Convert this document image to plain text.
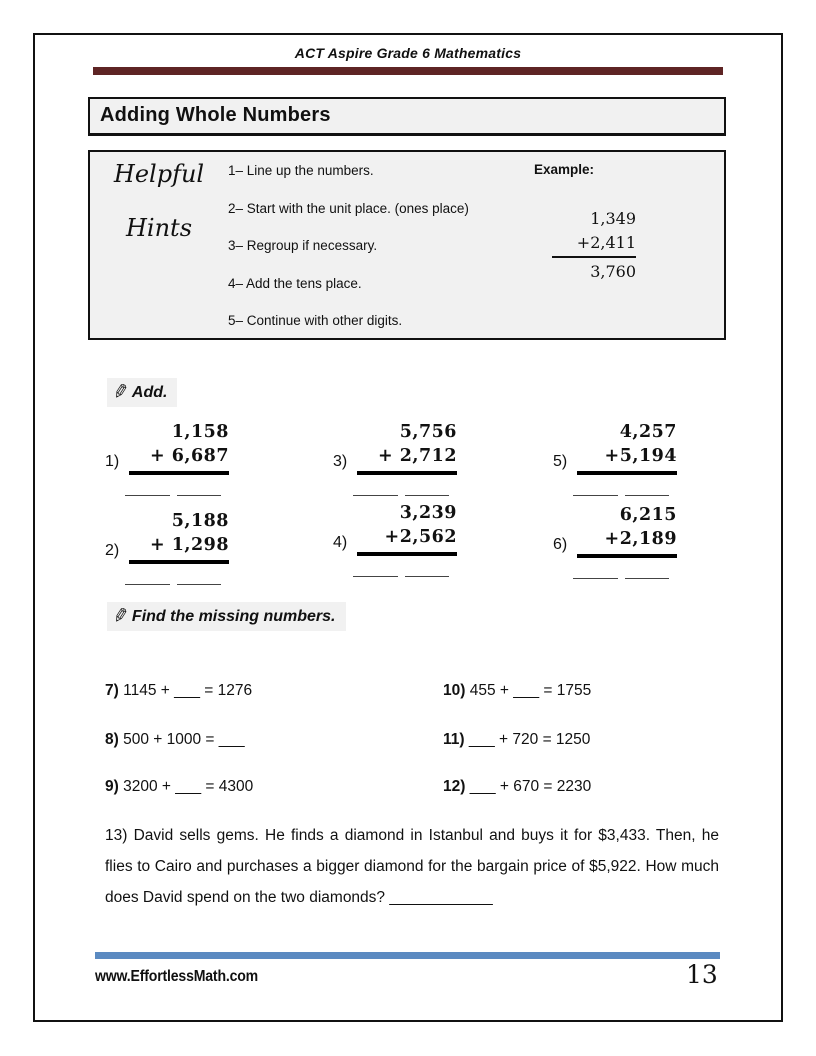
ACT Aspire Grade 6 Mathematics
Adding Whole Numbers
Helpful
Hints
1– Line up the numbers.
2– Start with the unit place. (ones place)
3– Regroup if necessary.
4– Add the tens place.
5– Continue with other digits.
Example:
1,349
+2,411
3,760
✎ Add.
1)
1,158
+ 6,687	3)
5,756
+ 2,712	5)
4,257
+5,194
2)
5,188
+ 1,298	4)
3,239
+2,562	6)
6,215
+2,189
✎ Find the missing numbers.
7) 1145 + ___ = 1276
8) 500 + 1000 = ___
9) 3200 + ___ = 4300
10) 455 + ___ = 1755
11) ___ + 720 = 1250
12) ___ + 670 = 2230
13) David sells gems. He finds a diamond in Istanbul and buys it for $3,433. Then, he flies to Cairo and purchases a bigger diamond for the bargain price of $5,922. How much does David spend on the two diamonds? ____________
www.EffortlessMath.com	13
